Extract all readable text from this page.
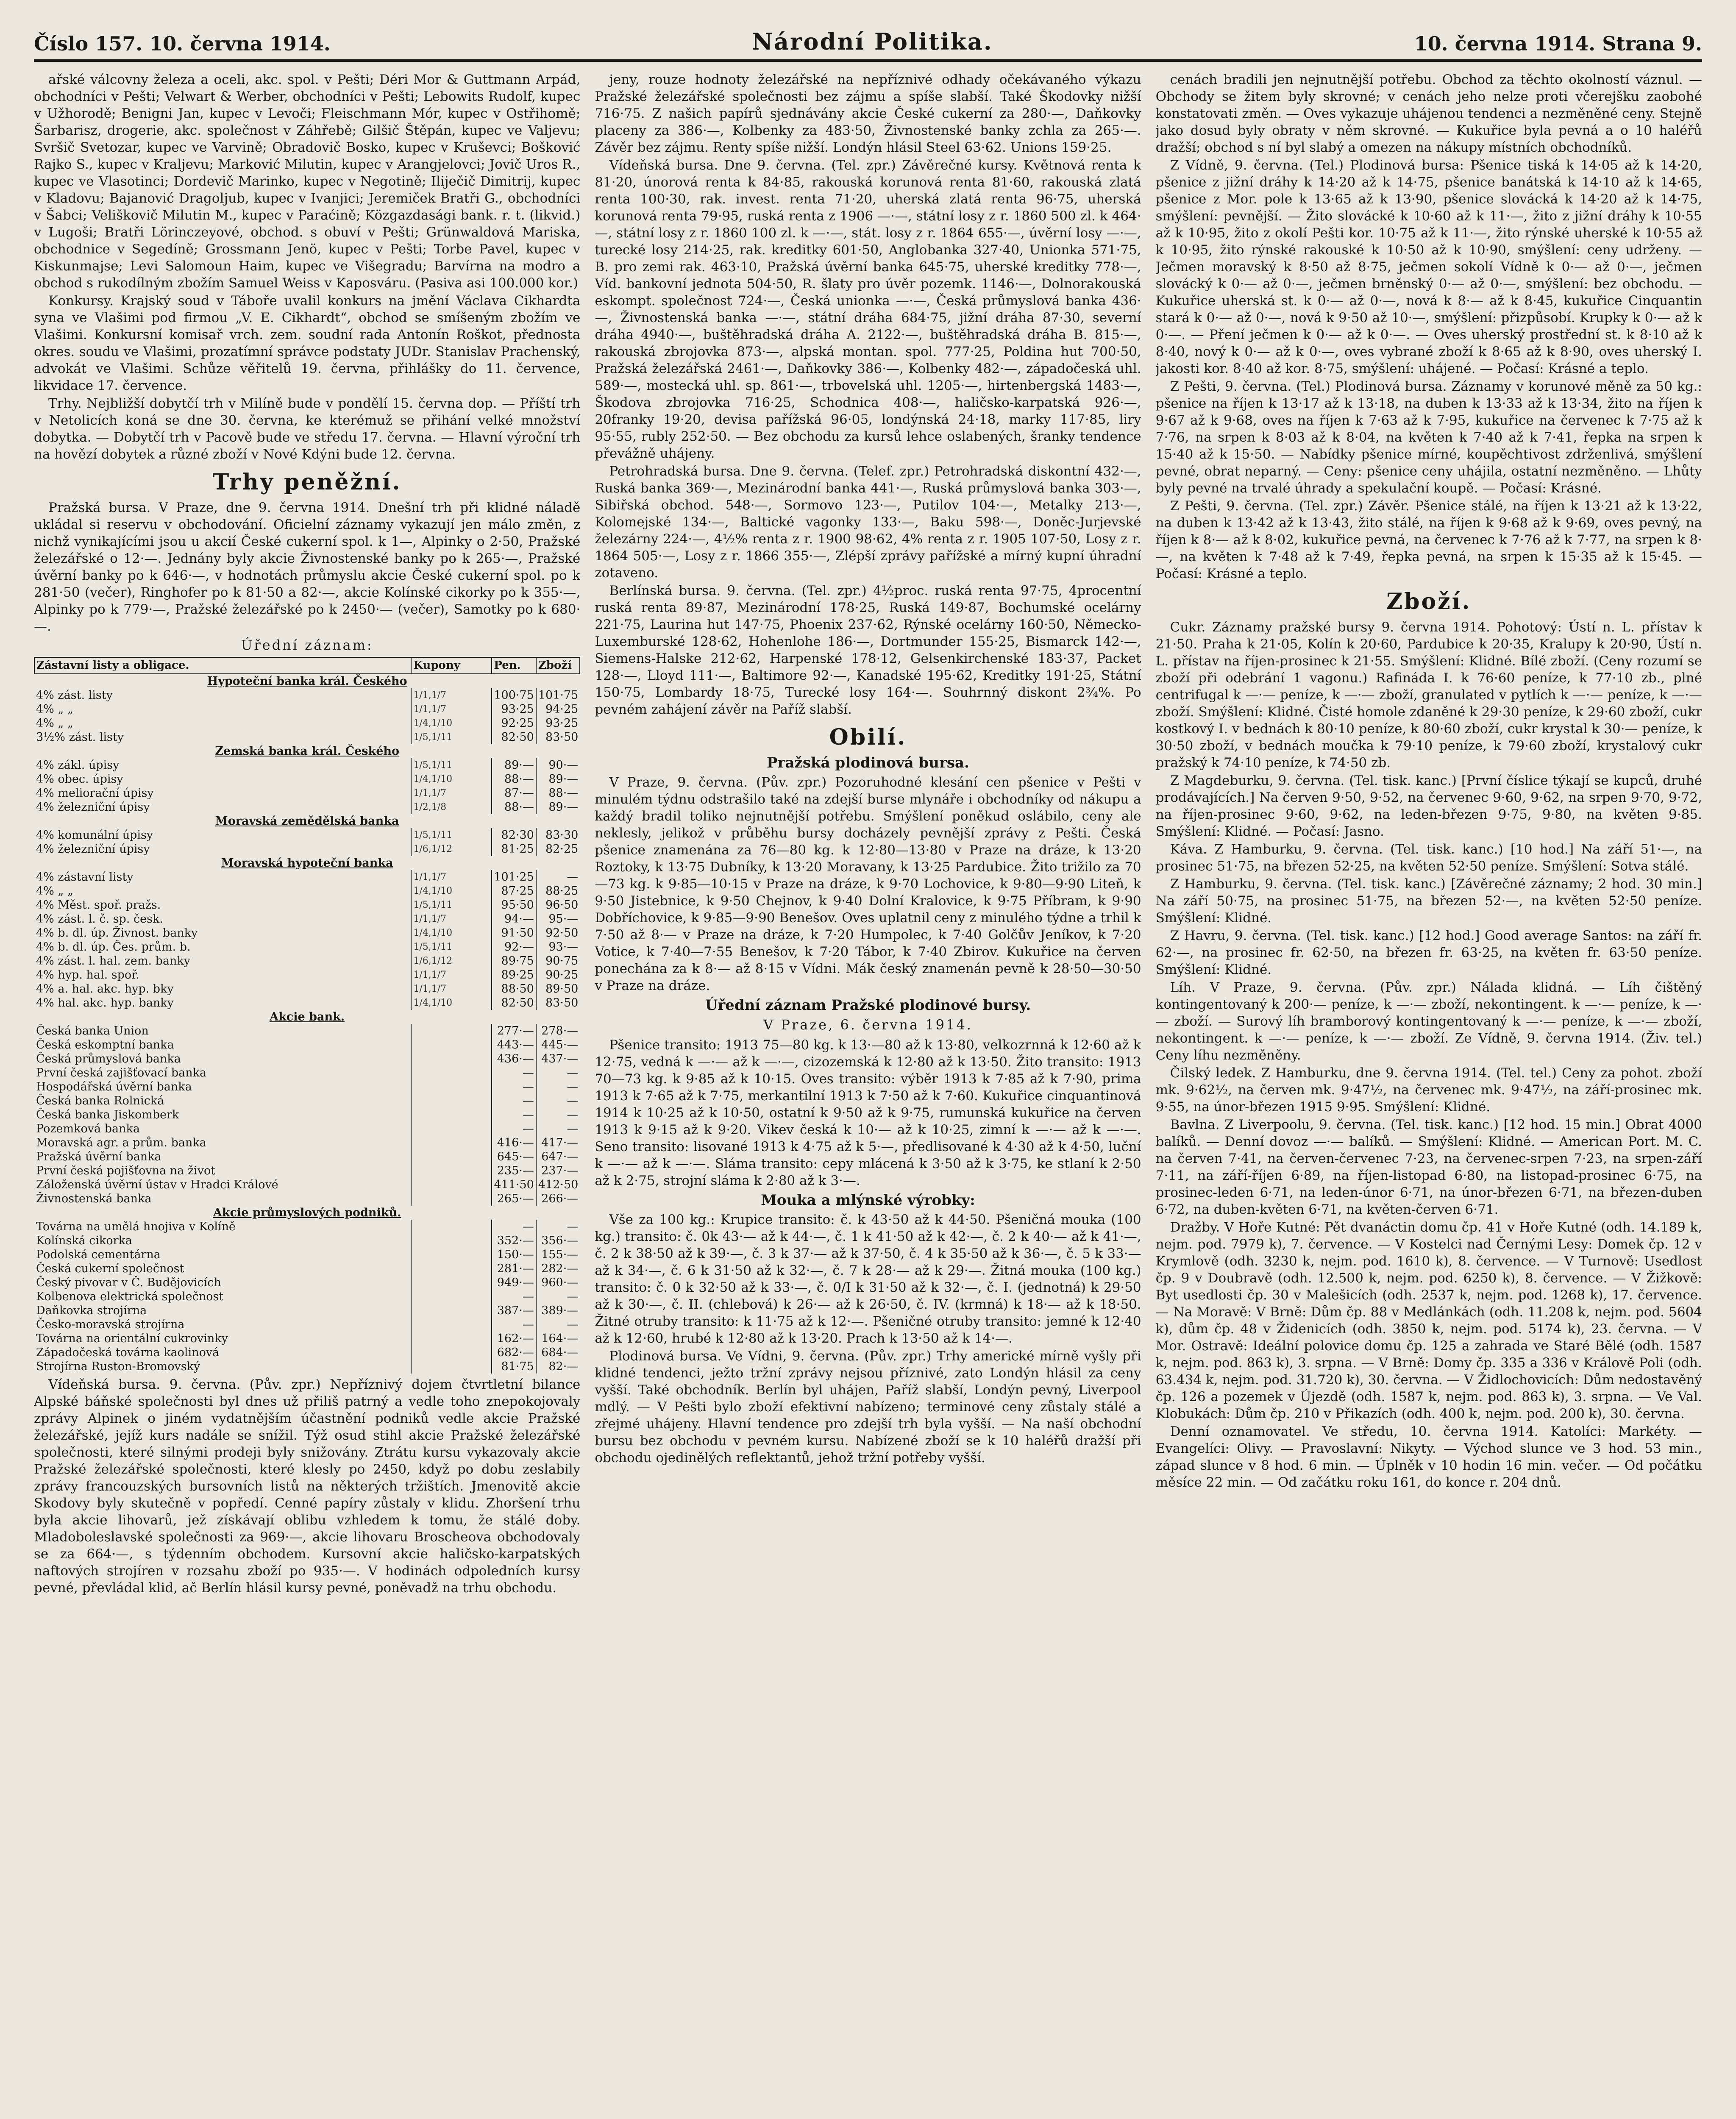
Číslo 157. 10. června 1914.	Národní Politika.	10. června 1914. Strana 9.

ařské válcovny železa a oceli, akc. spol. v Pešti; Déri Mor & Guttmann Arpád, obchodníci v Pešti; Velwart & Werber, obchodníci v Pešti; Lebowits Rudolf, kupec v Užhorodě; Benigni Jan, kupec v Levoči; Fleischmann Mór, kupec v Ostřihomě; Šarbarisz, drogerie, akc. společnost v Záhřebě; Gilšič Štěpán, kupec ve Valjevu; Svršič Svetozar, kupec ve Varvině; Obradovič Bosko, kupec v Kruševci; Bošković Rajko S., kupec v Kraljevu; Marković Milutin, kupec v Arangjelovci; Jovič Uros R., kupec ve Vlasotinci; Dordevič Marinko, kupec v Negotině; Iliječič Dimitrij, kupec v Kladovu; Bajanović Dragoljub, kupec v Ivanjici; Jeremiček Bratři G., obchodníci v Šabci; Veliškovič Milutin M., kupec v Paraćině; Közgazdasági bank. r. t. (likvid.) v Lugoši; Bratři Lörinczeyové, obchod. s obuví v Pešti; Grünwaldová Mariska, obchodnice v Segedíně; Grossmann Jenö, kupec v Pešti; Torbe Pavel, kupec v Kiskunmajse; Levi Salomoun Haim, kupec ve Višegradu; Barvírna na modro a obchod s rukodílným zbožím Samuel Weiss v Kaposváru. (Pasiva asi 100.000 kor.)

Konkursy. Krajský soud v Táboře uvalil konkurs na jmění Václava Cikhardta syna ve Vlašimi pod firmou „V. E. Cikhardt“, obchod se smíšeným zbožím ve Vlašimi. Konkursní komisař vrch. zem. soudní rada Antonín Roškot, přednosta okres. soudu ve Vlašimi, prozatímní správce podstaty JUDr. Stanislav Prachenský, advokát ve Vlašimi. Schůze věřitelů 19. června, přihlášky do 11. července, likvidace 17. července.

Trhy. Nejbližší dobytčí trh v Milíně bude v pondělí 15. června dop. — Příští trh v Netolicích koná se dne 30. června, ke kterémuž se přihání velké množství dobytka. — Dobytčí trh v Pacově bude ve středu 17. června. — Hlavní výroční trh na hovězí dobytek a různé zboží v Nové Kdýni bude 12. června.

Trhy peněžní.

Pražská bursa. V Praze, dne 9. června 1914. Dnešní trh při klidné náladě ukládal si reservu v obchodování. Oficielní záznamy vykazují jen málo změn, z nichž vynikajícími jsou u akcií České cukerní spol. k 1—, Alpinky o 2·50, Pražské železářské o 12·—. Jednány byly akcie Živnostenské banky po k 265·—, Pražské úvěrní banky po k 646·—, v hodnotách průmyslu akcie České cukerní spol. po k 281·50 (večer), Ringhofer po k 81·50 a 82·—, akcie Kolínské cikorky po k 355·—, Alpinky po k 779·—, Pražské železářské po k 2450·— (večer), Samotky po k 680·—.

Úřední záznam:
Zástavní listy a obligace.	Kupony	Pen.	Zboží
Hypoteční banka král. Českého			
4% zást. listy	1/1,1/7	100·75	101·75
4% „ „	1/1,1/7	93·25	94·25
4% „ „	1/4,1/10	92·25	93·25
3½% zást. listy	1/5,1/11	82·50	83·50
Zemská banka král. Českého			
4% zákl. úpisy	1/5,1/11	89·—	90·—
4% obec. úpisy	1/4,1/10	88·—	89·—
4% meliorační úpisy	1/1,1/7	87·—	88·—
4% železniční úpisy	1/2,1/8	88·—	89·—
Moravská zemědělská banka			
4% komunální úpisy	1/5,1/11	82·30	83·30
4% železniční úpisy	1/6,1/12	81·25	82·25
Moravská hypoteční banka			
4% zástavní listy	1/1,1/7	101·25	—
4% „ „	1/4,1/10	87·25	88·25
4% Měst. spoř. pražs.	1/5,1/11	95·50	96·50
4% zást. l. č. sp. česk.	1/1,1/7	94·—	95·—
4% b. dl. úp. Živnost. banky	1/4,1/10	91·50	92·50
4% b. dl. úp. Čes. prům. b.	1/5,1/11	92·—	93·—
4% zást. l. hal. zem. banky	1/6,1/12	89·75	90·75
4% hyp. hal. spoř.	1/1,1/7	89·25	90·25
4% a. hal. akc. hyp. bky	1/1,1/7	88·50	89·50
4% hal. akc. hyp. banky	1/4,1/10	82·50	83·50
Akcie bank.			
Česká banka Union		277·—	278·—
Česká eskomptní banka		443·—	445·—
Česká průmyslová banka		436·—	437·—
První česká zajišťovací banka		—	—
Hospodářská úvěrní banka		—	—
Česká banka Rolnická		—	—
Česká banka Jiskomberk		—	—
Pozemková banka		—	—
Moravská agr. a prům. banka		416·—	417·—
Pražská úvěrní banka		645·—	647·—
První česká pojišťovna na život		235·—	237·—
Záloženská úvěrní ústav v Hradci Králové		411·50	412·50
Živnostenská banka		265·—	266·—
Akcie průmyslových podniků.			
Továrna na umělá hnojiva v Kolíně		—	—
Kolínská cikorka		352·—	356·—
Podolská cementárna		150·—	155·—
Česká cukerní společnost		281·—	282·—
Český pivovar v Č. Budějovicích		949·—	960·—
Kolbenova elektrická společnost		—	—
Daňkovka strojírna		387·—	389·—
Česko-moravská strojírna		—	—
Továrna na orientální cukrovinky		162·—	164·—
Západočeská továrna kaolinová		682·—	684·—
Strojírna Ruston-Bromovský		81·75	82·—

Vídeňská bursa. 9. června. (Pův. zpr.) Nepříznivý dojem čtvrtletní bilance Alpské báňské společnosti byl dnes už přiliš patrný a vedle toho znepokojovaly zprávy Alpinek o jiném vydatnějším účastnění podniků vedle akcie Pražské železářské, jejíž kurs nadále se snížil. Týž osud stihl akcie Pražské železářské společnosti, které silnými prodeji byly snižovány. Ztrátu kursu vykazovaly akcie Pražské železářské společnosti, které klesly po 2450, když po dobu zeslabily zprávy francouzských bursovních listů na některých tržištích. Jmenovitě akcie Skodovy byly skutečně v popředí. Cenné papíry zůstaly v klidu. Zhoršení trhu byla akcie lihovarů, jež získávají oblibu vzhledem k tomu, že stálé doby. Mladoboleslavské společnosti za 969·—, akcie lihovaru Broscheova obchodovaly se za 664·—, s týdenním obchodem. Kursovní akcie haličsko-karpatských naftových strojíren v rozsahu zboží po 935·—. V hodinách odpoledních kursy pevné, převládal klid, ač Berlín hlásil kursy pevné, poněvadž na trhu obchodu.

jeny, rouze hodnoty železářské na nepříznivé odhady očekávaného výkazu Pražské železářské společnosti bez zájmu a spíše slabší. Také Škodovky nižší 716·75. Z našich papírů sjednávány akcie České cukerní za 280·—, Daňkovky placeny za 386·—, Kolbenky za 483·50, Živnostenské banky zchla za 265·—. Závěr bez zájmu. Renty spíše nižší. Londýn hlásil Steel 63·62. Unions 159·25.

Vídeňská bursa. Dne 9. června. (Tel. zpr.) Závěrečné kursy. Květnová renta k 81·20, únorová renta k 84·85, rakouská korunová renta 81·60, rakouská zlatá renta 100·30, rak. invest. renta 71·20, uherská zlatá renta 96·75, uherská korunová renta 79·95, ruská renta z 1906 —·—, státní losy z r. 1860 500 zl. k 464·—, státní losy z r. 1860 100 zl. k —·—, stát. losy z r. 1864 655·—, úvěrní losy —·—, turecké losy 214·25, rak. kreditky 601·50, Anglobanka 327·40, Unionka 571·75, B. pro zemi rak. 463·10, Pražská úvěrní banka 645·75, uherské kreditky 778·—, Víd. bankovní jednota 504·50, R. šlaty pro úvěr pozemk. 1146·—, Dolnorakouská eskompt. společnost 724·—, Česká unionka —·—, Česká průmyslová banka 436·—, Živnostenská banka —·—, státní dráha 684·75, jižní dráha 87·30, severní dráha 4940·—, buštěhradská dráha A. 2122·—, buštěhradská dráha B. 815·—, rakouská zbrojovka 873·—, alpská montan. spol. 777·25, Poldina hut 700·50, Pražská železářská 2461·—, Daňkovky 386·—, Kolbenky 482·—, západočeská uhl. 589·—, mostecká uhl. sp. 861·—, trbovelská uhl. 1205·—, hirtenbergská 1483·—, Škodova zbrojovka 716·25, Schodnica 408·—, haličsko-karpatská 926·—, 20franky 19·20, devisa pařížská 96·05, londýnská 24·18, marky 117·85, liry 95·55, rubly 252·50. — Bez obchodu za kursů lehce oslabených, šranky tendence převážně uhájeny.

Petrohradská bursa. Dne 9. června. (Telef. zpr.) Petrohradská diskontní 432·—, Ruská banka 369·—, Mezinárodní banka 441·—, Ruská průmyslová banka 303·—, Sibiřská obchod. 548·—, Sormovo 123·—, Putilov 104·—, Metalky 213·—, Kolomejské 134·—, Baltické vagonky 133·—, Baku 598·—, Doněc-Jurjevské železárny 224·—, 4½% renta z r. 1900 98·62, 4% renta z r. 1905 107·50, Losy z r. 1864 505·—, Losy z r. 1866 355·—, Zlépší zprávy pařížské a mírný kupní úhradní zotaveno.

Berlínská bursa. 9. června. (Tel. zpr.) 4½proc. ruská renta 97·75, 4procentní ruská renta 89·87, Mezinárodní 178·25, Ruská 149·87, Bochumské ocelárny 221·75, Laurina hut 147·75, Phoenix 237·62, Rýnské ocelárny 160·50, Německo-Luxemburské 128·62, Hohenlohe 186·—, Dortmunder 155·25, Bismarck 142·—, Siemens-Halske 212·62, Harpenské 178·12, Gelsenkirchenské 183·37, Packet 128·—, Lloyd 111·—, Baltimore 92·—, Kanadské 195·62, Kreditky 191·25, Státní 150·75, Lombardy 18·75, Turecké losy 164·—. Souhrnný diskont 2¾%. Po pevném zahájení závěr na Paříž slabší.

Obilí.
Pražská plodinová bursa.

V Praze, 9. června. (Pův. zpr.) Pozoruhodné klesání cen pšenice v Pešti v minulém týdnu odstrašilo také na zdejší burse mlynáře i obchodníky od nákupu a každý bradil toliko nejnutnější potřebu. Smýšlení poněkud oslábilo, ceny ale neklesly, jelikož v průběhu bursy docházely pevnější zprávy z Pešti. Česká pšenice znamenána za 76—80 kg. k 12·80—13·80 v Praze na dráze, k 13·20 Roztoky, k 13·75 Dubníky, k 13·20 Moravany, k 13·25 Pardubice. Žito trižilo za 70—73 kg. k 9·85—10·15 v Praze na dráze, k 9·70 Lochovice, k 9·80—9·90 Liteň, k 9·50 Jistebnice, k 9·50 Chejnov, k 9·40 Dolní Kralovice, k 9·75 Příbram, k 9·90 Dobříchovice, k 9·85—9·90 Benešov. Oves uplatnil ceny z minulého týdne a trhil k 7·50 až 8·— v Praze na dráze, k 7·20 Humpolec, k 7·40 Golčův Jeníkov, k 7·20 Votice, k 7·40—7·55 Benešov, k 7·20 Tábor, k 7·40 Zbirov. Kukuřice na červen ponechána za k 8·— až 8·15 v Vídni. Mák český znamenán pevně k 28·50—30·50 v Praze na dráze.

Úřední záznam Pražské plodinové bursy.
V Praze, 6. června 1914.

Pšenice transito: 1913 75—80 kg. k 13·—80 až k 13·80, velkozrnná k 12·60 až k 12·75, vedná k —·— až k —·—, cizozemská k 12·80 až k 13·50. Žito transito: 1913 70—73 kg. k 9·85 až k 10·15. Oves transito: výběr 1913 k 7·85 až k 7·90, prima 1913 k 7·65 až k 7·75, merkantilní 1913 k 7·50 až k 7·60. Kukuřice cinquantinová 1914 k 10·25 až k 10·50, ostatní k 9·50 až k 9·75, rumunská kukuřice na červen 1913 k 9·15 až k 9·20. Vikev česká k 10·— až k 10·25, zimní k —·— až k —·—. Seno transito: lisované 1913 k 4·75 až k 5·—, předlisované k 4·30 až k 4·50, luční k —·— až k —·—. Sláma transito: cepy mlácená k 3·50 až k 3·75, ke stlaní k 2·50 až k 2·75, strojní sláma k 2·80 až k 3·—.

Mouka a mlýnské výrobky:

Vše za 100 kg.: Krupice transito: č. k 43·50 až k 44·50. Pšeničná mouka (100 kg.) transito: č. 0k 43·— až k 44·—, č. 1 k 41·50 až k 42·—, č. 2 k 40·— až k 41·—, č. 2 k 38·50 až k 39·—, č. 3 k 37·— až k 37·50, č. 4 k 35·50 až k 36·—, č. 5 k 33·— až k 34·—, č. 6 k 31·50 až k 32·—, č. 7 k 28·— až k 29·—. Žitná mouka (100 kg.) transito: č. 0 k 32·50 až k 33·—, č. 0/I k 31·50 až k 32·—, č. I. (jednotná) k 29·50 až k 30·—, č. II. (chlebová) k 26·— až k 26·50, č. IV. (krmná) k 18·— až k 18·50. Žitné otruby transito: k 11·75 až k 12·—. Pšeničné otruby transito: jemné k 12·40 až k 12·60, hrubé k 12·80 až k 13·20. Prach k 13·50 až k 14·—.

Plodinová bursa. Ve Vídni, 9. června. (Pův. zpr.) Trhy americké mírně vyšly při klidné tendenci, ježto tržní zprávy nejsou příznivé, zato Londýn hlásil za ceny vyšší. Také obchodník. Berlín byl uhájen, Paříž slabší, Londýn pevný, Liverpool mdlý. — V Pešti bylo zboží efektivní nabízeno; terminové ceny zůstaly stálé a zřejmé uhájeny. Hlavní tendence pro zdejší trh byla vyšší. — Na naší obchodní bursu bez obchodu v pevném kursu. Nabízené zboží se k 10 haléřů dražší při obchodu ojedinělých reflektantů, jehož tržní potřeby vyšší.

cenách bradili jen nejnutnější potřebu. Obchod za těchto okolností váznul. — Obchody se žitem byly skrovné; v cenách jeho nelze proti včerejšku zaobohé konstatovati změn. — Oves vykazuje uhájenou tendenci a nezměněné ceny. Stejně jako dosud byly obraty v něm skrovné. — Kukuřice byla pevná a o 10 haléřů dražší; obchod s ní byl slabý a omezen na nákupy místních obchodníků.

Z Vídně, 9. června. (Tel.) Plodinová bursa: Pšenice tiská k 14·05 až k 14·20, pšenice z jižní dráhy k 14·20 až k 14·75, pšenice banátská k 14·10 až k 14·65, pšenice z Mor. pole k 13·65 až k 13·90, pšenice slovácká k 14·20 až k 14·75, smýšlení: pevnější. — Žito slovácké k 10·60 až k 11·—, žito z jižní dráhy k 10·55 až k 10·95, žito z okolí Pešti kor. 10·75 až k 11·—, žito rýnské uherské k 10·55 až k 10·95, žito rýnské rakouské k 10·50 až k 10·90, smýšlení: ceny udrženy. — Ječmen moravský k 8·50 až 8·75, ječmen sokolí Vídně k 0·— až 0·—, ječmen slovácký k 0·— až 0·—, ječmen brněnský 0·— až 0·—, smýšlení: bez obchodu. — Kukuřice uherská st. k 0·— až 0·—, nová k 8·— až k 8·45, kukuřice Cinquantin stará k 0·— až 0·—, nová k 9·50 až 10·—, smýšlení: přizpůsobí. Krupky k 0·— až k 0·—. — Pření ječmen k 0·— až k 0·—. — Oves uherský prostřední st. k 8·10 až k 8·40, nový k 0·— až k 0·—, oves vybrané zboží k 8·65 až k 8·90, oves uherský I. jakosti kor. 8·40 až kor. 8·75, smýšlení: uhájené. — Počasí: Krásné a teplo.

Z Pešti, 9. června. (Tel.) Plodinová bursa. Záznamy v korunové měně za 50 kg.: pšenice na říjen k 13·17 až k 13·18, na duben k 13·33 až k 13·34, žito na říjen k 9·67 až k 9·68, oves na říjen k 7·63 až k 7·95, kukuřice na červenec k 7·75 až k 7·76, na srpen k 8·03 až k 8·04, na květen k 7·40 až k 7·41, řepka na srpen k 15·40 až k 15·50. — Nabídky pšenice mírné, koupěchtivost zdrženlivá, smýšlení pevné, obrat neparný. — Ceny: pšenice ceny uhájila, ostatní nezměněno. — Lhůty byly pevné na trvalé úhrady a spekulační koupě. — Počasí: Krásné.

Z Pešti, 9. června. (Tel. zpr.) Závěr. Pšenice stálé, na říjen k 13·21 až k 13·22, na duben k 13·42 až k 13·43, žito stálé, na říjen k 9·68 až k 9·69, oves pevný, na říjen k 8·— až k 8·02, kukuřice pevná, na červenec k 7·76 až k 7·77, na srpen k 8·—, na květen k 7·48 až k 7·49, řepka pevná, na srpen k 15·35 až k 15·45. — Počasí: Krásné a teplo.

Zboží.

Cukr. Záznamy pražské bursy 9. června 1914. Pohotový: Ústí n. L. přístav k 21·50. Praha k 21·05, Kolín k 20·60, Pardubice k 20·35, Kralupy k 20·90, Ústí n. L. přístav na říjen-prosinec k 21·55. Smýšlení: Klidné. Bílé zboží. (Ceny rozumí se zboží při odebrání 1 vagonu.) Rafináda I. k 76·60 peníze, k 77·10 zb., plné centrifugal k —·— peníze, k —·— zboží, granulated v pytlích k —·— peníze, k —·— zboží. Smýšlení: Klidné. Čisté homole zdaněné k 29·30 peníze, k 29·60 zboží, cukr kostkový I. v bednách k 80·10 peníze, k 80·60 zboží, cukr krystal k 30·— peníze, k 30·50 zboží, v bednách moučka k 79·10 peníze, k 79·60 zboží, krystalový cukr pražský k 74·10 peníze, k 74·50 zb.

Z Magdeburku, 9. června. (Tel. tisk. kanc.) [První číslice týkají se kupců, druhé prodávajících.] Na červen 9·50, 9·52, na červenec 9·60, 9·62, na srpen 9·70, 9·72, na říjen-prosinec 9·60, 9·62, na leden-březen 9·75, 9·80, na květen 9·85. Smýšlení: Klidné. — Počasí: Jasno.

Káva. Z Hamburku, 9. června. (Tel. tisk. kanc.) [10 hod.] Na září 51·—, na prosinec 51·75, na březen 52·25, na květen 52·50 peníze. Smýšlení: Sotva stálé.

Z Hamburku, 9. června. (Tel. tisk. kanc.) [Závěrečné záznamy; 2 hod. 30 min.] Na září 50·75, na prosinec 51·75, na březen 52·—, na květen 52·50 peníze. Smýšlení: Klidné.

Z Havru, 9. června. (Tel. tisk. kanc.) [12 hod.] Good average Santos: na září fr. 62·—, na prosinec fr. 62·50, na březen fr. 63·25, na květen fr. 63·50 peníze. Smýšlení: Klidné.

Líh. V Praze, 9. června. (Pův. zpr.) Nálada klidná. — Líh čištěný kontingentovaný k 200·— peníze, k —·— zboží, nekontingent. k —·— peníze, k —·— zboží. — Surový líh bramborový kontingentovaný k —·— peníze, k —·— zboží, nekontingent. k —·— peníze, k —·— zboží. Ze Vídně, 9. června 1914. (Živ. tel.) Ceny líhu nezměněny.

Čilský ledek. Z Hamburku, dne 9. června 1914. (Tel. tel.) Ceny za pohot. zboží mk. 9·62½, na červen mk. 9·47½, na červenec mk. 9·47½, na září-prosinec mk. 9·55, na únor-březen 1915 9·95. Smýšlení: Klidné.

Bavlna. Z Liverpoolu, 9. června. (Tel. tisk. kanc.) [12 hod. 15 min.] Obrat 4000 balíků. — Denní dovoz —·— balíků. — Smýšlení: Klidné. — American Port. M. C. na červen 7·41, na červen-červenec 7·23, na červenec-srpen 7·23, na srpen-září 7·11, na září-říjen 6·89, na říjen-listopad 6·80, na listopad-prosinec 6·75, na prosinec-leden 6·71, na leden-únor 6·71, na únor-březen 6·71, na březen-duben 6·72, na duben-květen 6·71, na květen-červen 6·71.

Dražby. V Hoře Kutné: Pět dvanáctin domu čp. 41 v Hoře Kutné (odh. 14.189 k, nejm. pod. 7979 k), 7. července. — V Kostelci nad Černými Lesy: Domek čp. 12 v Krymlově (odh. 3230 k, nejm. pod. 1610 k), 8. července. — V Turnově: Usedlost čp. 9 v Doubravě (odh. 12.500 k, nejm. pod. 6250 k), 8. července. — V Žižkově: Byt usedlosti čp. 30 v Malešicích (odh. 2537 k, nejm. pod. 1268 k), 17. července. — Na Moravě: V Brně: Dům čp. 88 v Medlánkách (odh. 11.208 k, nejm. pod. 5604 k), dům čp. 48 v Židenicích (odh. 3850 k, nejm. pod. 5174 k), 23. června. — V Mor. Ostravě: Ideální polovice domu čp. 125 a zahrada ve Staré Bělé (odh. 1587 k, nejm. pod. 863 k), 3. srpna. — V Brně: Domy čp. 335 a 336 v Králově Poli (odh. 63.434 k, nejm. pod. 31.720 k), 30. června. — V Židlochovicích: Dům nedostavěný čp. 126 a pozemek v Újezdě (odh. 1587 k, nejm. pod. 863 k), 3. srpna. — Ve Val. Klobukách: Dům čp. 210 v Přikazích (odh. 400 k, nejm. pod. 200 k), 30. června.

Denní oznamovatel. Ve středu, 10. června 1914. Katolíci: Markéty. — Evangelíci: Olivy. — Pravoslavní: Nikyty. — Východ slunce ve 3 hod. 53 min., západ slunce v 8 hod. 6 min. — Úplněk v 10 hodin 16 min. večer. — Od počátku měsíce 22 min. — Od začátku roku 161, do konce r. 204 dnů.
